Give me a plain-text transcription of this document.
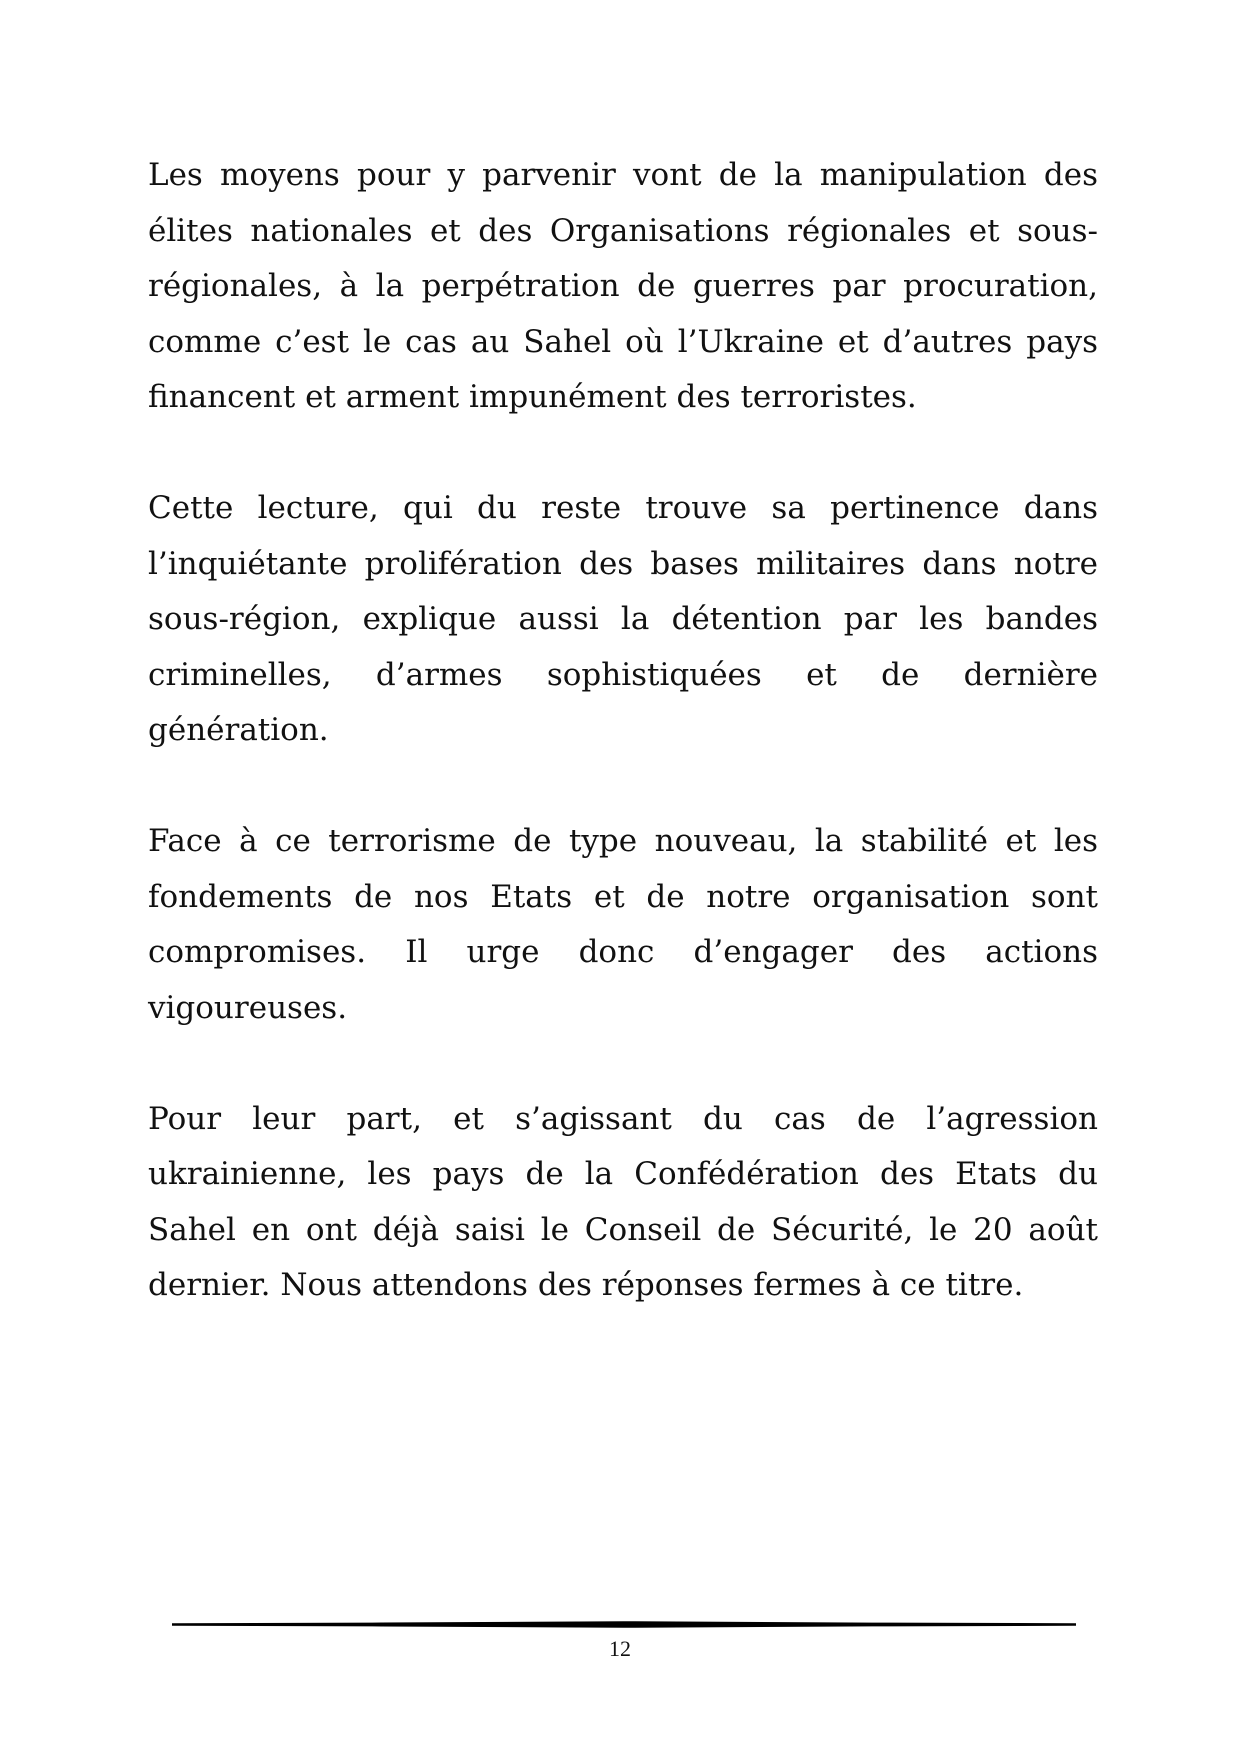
Les moyens pour y parvenir vont de la manipulation des élites nationales et des Organisations régionales et sous-régionales, à la perpétration de guerres par procuration, comme c’est le cas au Sahel où l’Ukraine et d’autres pays financent et arment impunément des terroristes.

Cette lecture, qui du reste trouve sa pertinence dans l’inquiétante prolifération des bases militaires dans notre sous-région, explique aussi la détention par les bandes criminelles, d’armes sophistiquées et de dernière génération.

Face à ce terrorisme de type nouveau, la stabilité et les fondements de nos Etats et de notre organisation sont compromises. Il urge donc d’engager des actions vigoureuses.

Pour leur part, et s’agissant du cas de l’agression ukrainienne, les pays de la Confédération des Etats du Sahel en ont déjà saisi le Conseil de Sécurité, le 20 août dernier. Nous attendons des réponses fermes à ce titre.

12
